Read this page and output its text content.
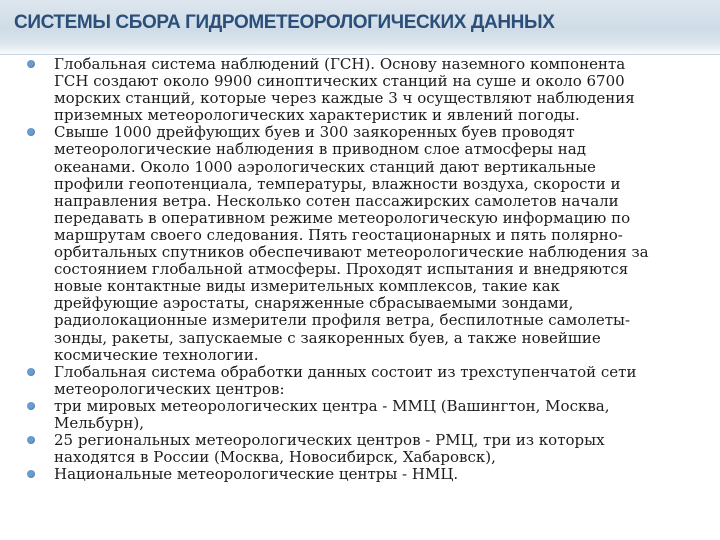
СИСТЕМЫ СБОРА ГИДРОМЕТЕОРОЛОГИЧЕСКИХ ДАННЫХ
Глобальная система наблюдений (ГСН). Основу наземного компонента
ГСН создают около 9900 синоптических станций на суше и около 6700
морских станций, которые через каждые 3 ч осуществляют наблюдения
приземных метеорологических характеристик и явлений погоды.
Свыше 1000 дрейфующих буев и 300 заякоренных буев проводят
метеорологические наблюдения в приводном слое атмосферы над
океанами. Около 1000 аэрологических станций дают вертикальные
профили геопотенциала, температуры, влажности воздуха, скорости и
направления ветра. Несколько сотен пассажирских самолетов начали
передавать в оперативном режиме метеорологическую информацию по
маршрутам своего следования. Пять геостационарных и пять полярно-
орбитальных спутников обеспечивают метеорологические наблюдения за
состоянием глобальной атмосферы. Проходят испытания и внедряются
новые контактные виды измерительных комплексов, такие как
дрейфующие аэростаты, снаряженные сбрасываемыми зондами,
радиолокационные измерители профиля ветра, беспилотные самолеты-
зонды, ракеты, запускаемые с заякоренных буев, а также новейшие
космические технологии.
Глобальная система обработки данных состоит из трехступенчатой сети
метеорологических центров:
три мировых метеорологических центра - ММЦ (Вашингтон, Москва,
Мельбурн),
25 региональных метеорологических центров - РМЦ, три из которых
находятся в России (Москва, Новосибирск, Хабаровск),
Национальные метеорологические центры - НМЦ.
